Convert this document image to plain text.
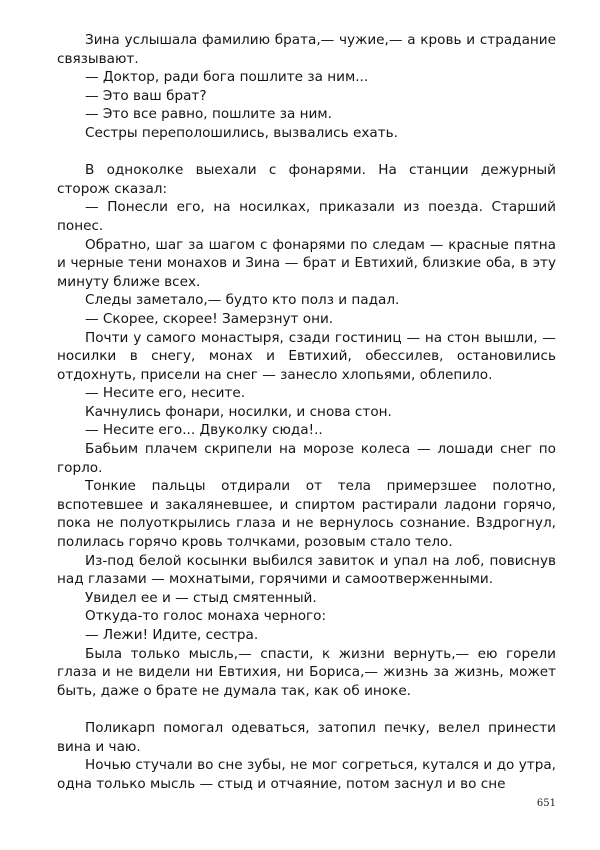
Зина услышала фамилию брата,— чужие,— а кровь и страдание связывают.

— Доктор, ради бога пошлите за ним...

— Это ваш брат?

— Это все равно, пошлите за ним.

Сестры переполошились, вызвались ехать.

В одноколке выехали с фонарями. На станции дежурный сторож сказал:

— Понесли его, на носилках, приказали из поезда. Старший понес.

Обратно, шаг за шагом с фонарями по следам — красные пятна и черные тени монахов и Зина — брат и Евтихий, близкие оба, в эту минуту ближе всех.

Следы заметало,— будто кто полз и падал.

— Скорее, скорее! Замерзнут они.

Почти у самого монастыря, сзади гостиниц — на стон вышли, — носилки в снегу, монах и Евтихий, обессилев, остановились отдохнуть, присели на снег — занесло хлопьями, облепило.

— Несите его, несите.

Качнулись фонари, носилки, и снова стон.

— Несите его... Двуколку сюда!..

Бабьим плачем скрипели на морозе колеса — лошади снег по горло.

Тонкие пальцы отдирали от тела примерзшее полотно, вспотевшее и закаляневшее, и спиртом растирали ладони горячо, пока не полуоткрылись глаза и не вернулось сознание. Вздрогнул, полилась горячо кровь толчками, розовым стало тело.

Из-под белой косынки выбился завиток и упал на лоб, повиснув над глазами — мохнатыми, горячими и самоотверженными.

Увидел ее и — стыд смятенный.

Откуда-то голос монаха черного:

— Лежи! Идите, сестра.

Была только мысль,— спасти, к жизни вернуть,— ею горели глаза и не видели ни Евтихия, ни Бориса,— жизнь за жизнь, может быть, даже о брате не думала так, как об иноке.

Поликарп помогал одеваться, затопил печку, велел принести вина и чаю.

Ночью стучали во сне зубы, не мог согреться, кутался и до утра, одна только мысль — стыд и отчаяние, потом заснул и во сне

651
